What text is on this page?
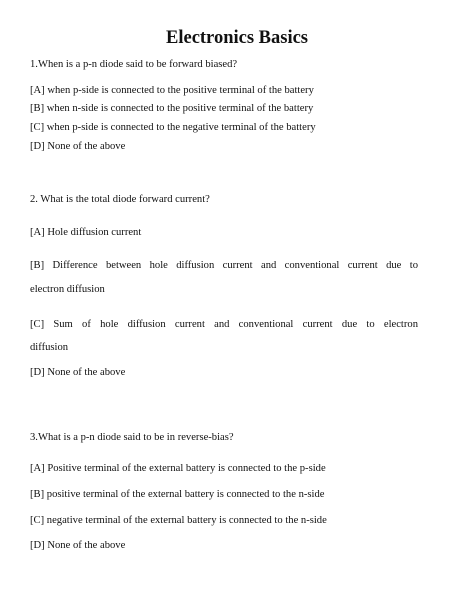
Electronics Basics
1.When is a p-n diode said to be forward biased?
[A] when p-side is connected to the positive terminal of the battery
[B] when n-side is connected to the positive terminal of the battery
[C] when p-side is connected to the negative terminal of the battery
[D] None of the above
2. What is the total diode forward current?
[A] Hole diffusion current
[B] Difference between hole diffusion current and conventional current due to
electron diffusion
[C] Sum of hole diffusion current and conventional current due to electron
diffusion
[D] None of the above
3.What is a p-n diode said to be in reverse-bias?
[A] Positive terminal of the external battery is connected to the p-side
[B] positive terminal of the external battery is connected to the n-side
[C] negative terminal of the external battery is connected to the n-side
[D] None of the above
